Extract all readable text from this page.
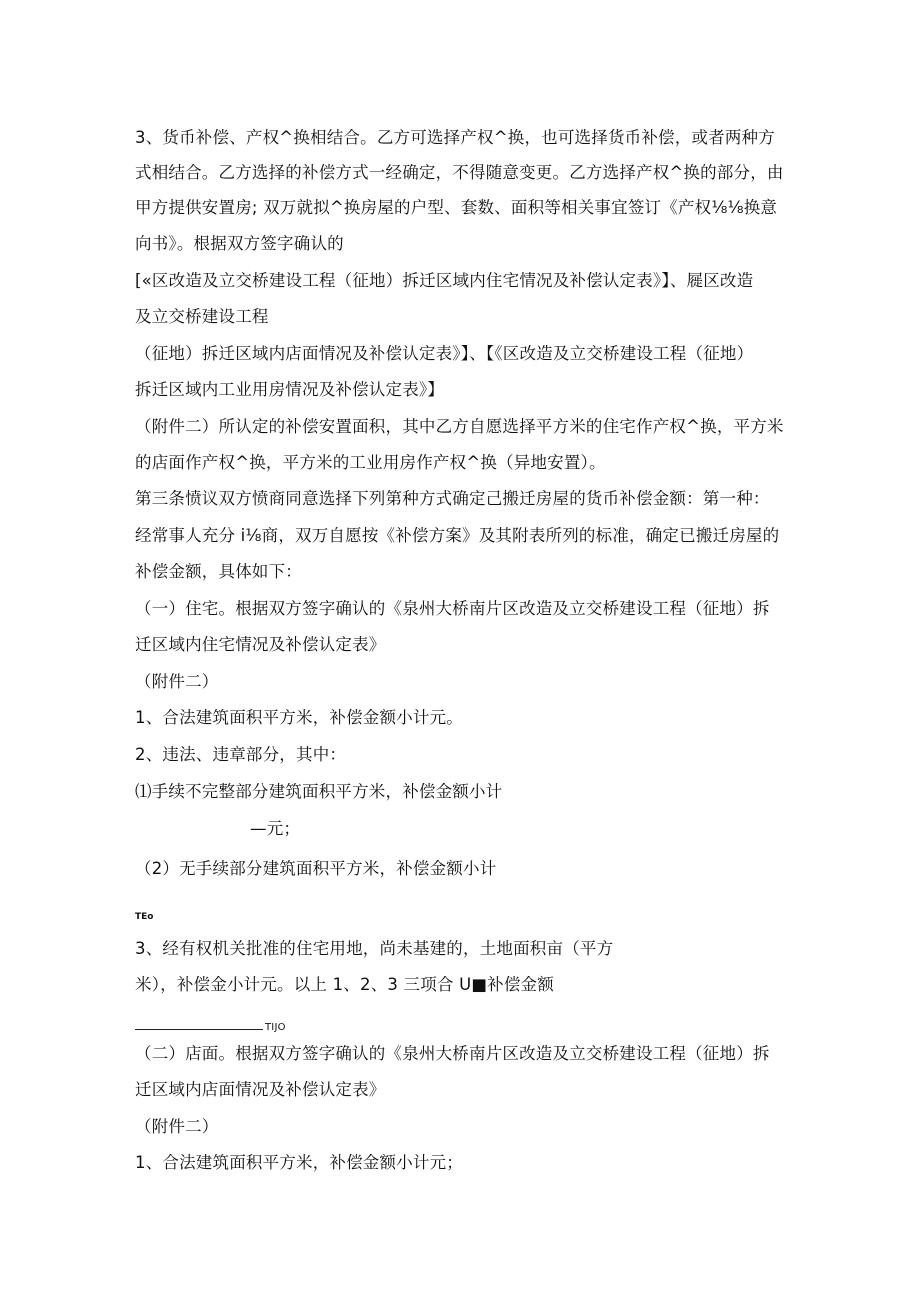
3、货币补偿、产权^换相结合。乙方可选择产权^换，也可选择货币补偿，或者两种方
式相结合。乙方选择的补偿方式一经确定，不得随意变更。乙方选择产权^换的部分，由
甲方提供安置房; 双万就拟^换房屋的户型、套数、面积等相关事宜签订《产权⅛⅛换意
向书》。根据双方签字确认的
[«区改造及立交桥建设工程（征地）拆迁区域内住宅情况及补偿认定表》】、屣区改造
及立交桥建设工程
（征地）拆迁区域内店面情况及补偿认定表》】、【《区改造及立交桥建设工程（征地）
拆迁区域内工业用房情况及补偿认定表》】
（附件二）所认定的补偿安置面积，其中乙方自愿选择平方米的住宅作产权^换，平方米
的店面作产权^换，平方米的工业用房作产权^换（异地安置）。
第三条愤议双方愤商同意选择下列第种方式确定己搬迁房屋的货币补偿金额：第一种：
经常事人充分 i⅛商，双万自愿按《补偿方案》及其附表所列的标准，确定已搬迁房屋的
补偿金额，具体如下：
（一）住宅。根据双方签字确认的《泉州大桥南片区改造及立交桥建设工程（征地）拆
迁区域内住宅情况及补偿认定表》
（附件二）
1、合法建筑面积平方米，补偿金额小计元。
2、违法、违章部分，其中：
⑴手续不完整部分建筑面积平方米，补偿金额小计
—元；
（2）无手续部分建筑面积平方米，补偿金额小计
TEo
3、经有权机关批准的住宅用地，尚未基建的，土地面积亩（平方
米），补偿金小计元。以上 1、2、3 三项合 U■补偿金额
TIJO
（二）店面。根据双方签字确认的《泉州大桥南片区改造及立交桥建设工程（征地）拆
迁区域内店面情况及补偿认定表》
（附件二）
1、合法建筑面积平方米，补偿金额小计元；
